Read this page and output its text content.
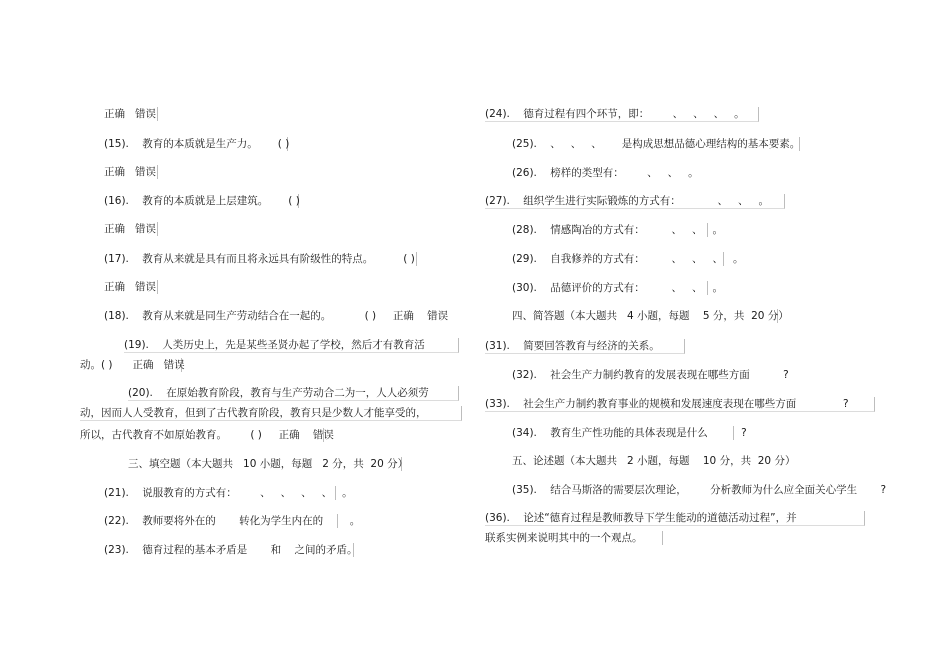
正确   错误
(15).    教育的本质就是生产力。      ( )
正确   错误
(16).    教育的本质就是上层建筑。      ( )
正确   错误
(17).    教育从来就是具有而且将永远具有阶级性的特点。         ( )
正确   错误
(18).    教育从来就是同生产劳动结合在一起的。          ( )     正确    错误
(19).    人类历史上，先是某些圣贤办起了学校，然后才有教育活
动。( )      正确   错误
(20).    在原始教育阶段，教育与生产劳动合二为一，人人必须劳
动，因而人人受教育，但到了古代教育阶段，教育只是少数人才能享受的，
所以，古代教育不如原始教育。       ( )     正确    错误
三、填空题（本大题共   10 小题，每题   2 分，共  20 分）
(21).    说服教育的方式有：       、   、   、   、   。
(22).    教师要将外在的       转化为学生内在的        。
(23).    德育过程的基本矛盾是       和    之间的矛盾。
(24).    德育过程有四个环节，即：       、   、   、   。
(25).    、   、   、      是构成思想品德心理结构的基本要素。
(26).    榜样的类型有：       、   、   。
(27).    组织学生进行实际锻炼的方式有：           、   、   。
(28).    情感陶冶的方式有：        、   、   。
(29).    自我修养的方式有：        、   、   、   。
(30).    品德评价的方式有：        、   、   。
四、简答题（本大题共   4 小题，每题    5 分，共  20 分）
(31).    简要回答教育与经济的关系。
(32).    社会生产力制约教育的发展表现在哪些方面          ?
(33).    社会生产力制约教育事业的规模和发展速度表现在哪些方面              ?
(34).    教育生产性功能的具体表现是什么          ?
五、论述题（本大题共   2 小题，每题    10 分，共  20 分）
(35).    结合马斯洛的需要层次理论，       分析教师为什么应全面关心学生       ?
(36).    论述“德育过程是教师教导下学生能动的道德活动过程”，并
联系实例来说明其中的一个观点。
